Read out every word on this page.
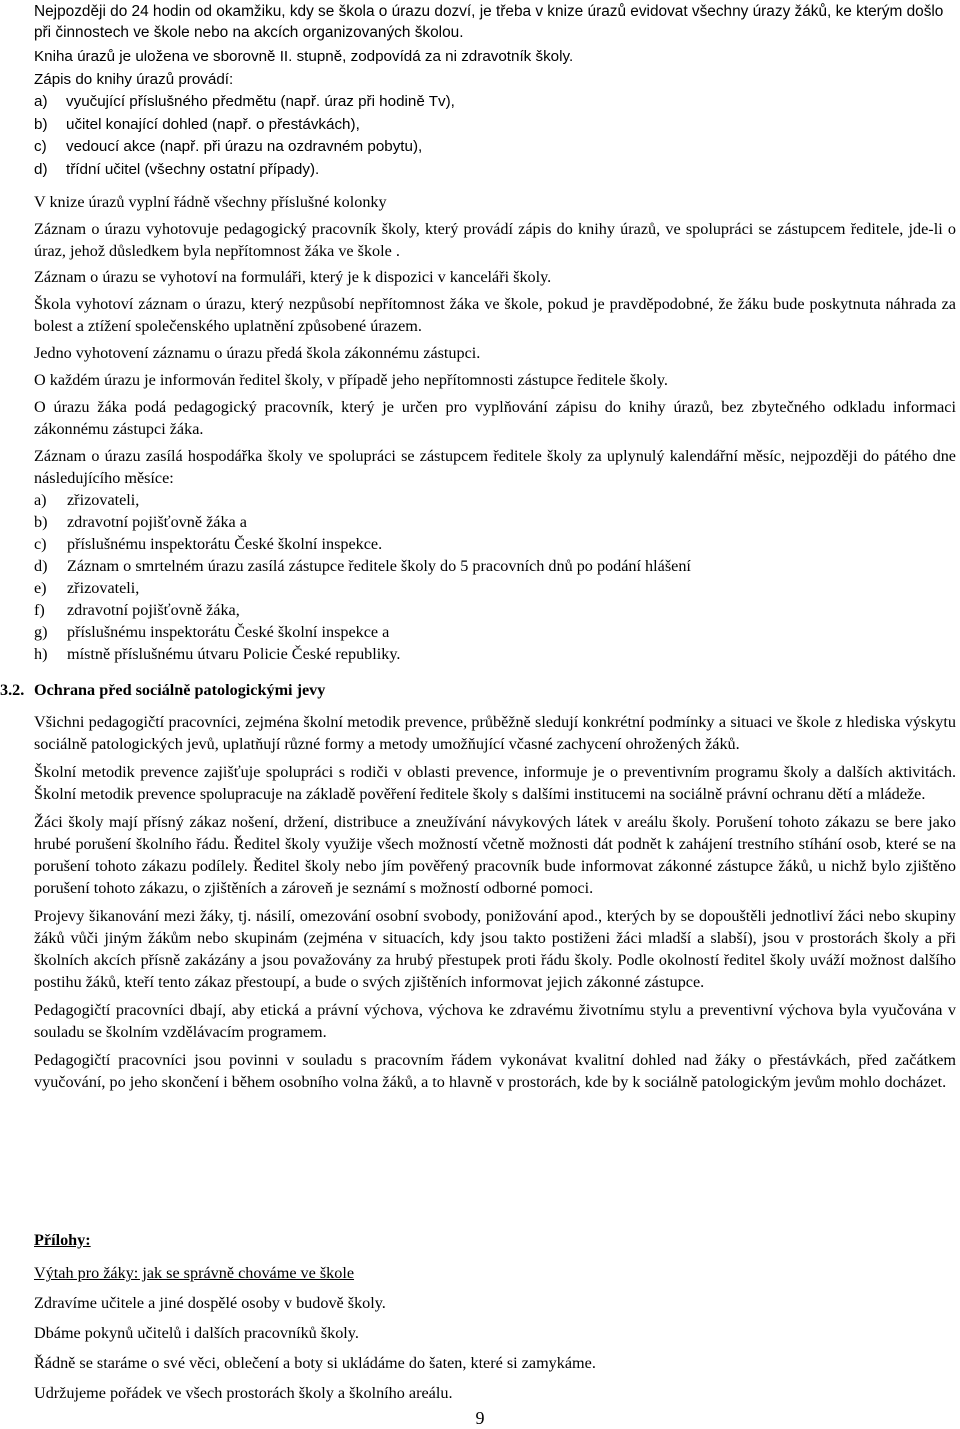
Nejpozději do 24 hodin od okamžiku, kdy se škola o úrazu dozví, je třeba v knize úrazů evidovat všechny úrazy žáků, ke kterým došlo při činnostech ve škole nebo na akcích organizovaných školou.

Kniha úrazů je uložena ve sborovně II. stupně, zodpovídá za ni zdravotník školy.

Zápis do knihy úrazů provádí:

a) vyučující příslušného předmětu (např. úraz při hodině Tv),
b) učitel konající dohled (např. o přestávkách),
c) vedoucí akce (např. při úrazu na ozdravném pobytu),
d) třídní učitel (všechny ostatní případy).

V knize úrazů vyplní řádně všechny příslušné kolonky

Záznam o úrazu vyhotovuje pedagogický pracovník školy, který provádí zápis do knihy úrazů, ve spolupráci se zástupcem ředitele, jde-li o úraz, jehož důsledkem byla nepřítomnost žáka ve škole .

Záznam o úrazu se vyhotoví na formuláři, který je k dispozici v kanceláři školy.

Škola vyhotoví záznam o úrazu, který nezpůsobí nepřítomnost žáka ve škole, pokud je pravděpodobné, že žáku bude poskytnuta náhrada za bolest a ztížení společenského uplatnění způsobené úrazem.

Jedno vyhotovení záznamu o úrazu předá škola zákonnému zástupci.

O každém úrazu je informován ředitel školy, v případě jeho nepřítomnosti zástupce ředitele školy.

O úrazu žáka podá pedagogický pracovník, který je určen pro vyplňování zápisu do knihy úrazů, bez zbytečného odkladu informaci zákonnému zástupci žáka.

Záznam o úrazu zasílá hospodářka školy ve spolupráci se zástupcem ředitele školy za uplynulý kalendářní měsíc, nejpozději do pátého dne následujícího měsíce:

a) zřizovateli,
b) zdravotní pojišťovně žáka a
c) příslušnému inspektorátu České školní inspekce.
d) Záznam o smrtelném úrazu zasílá zástupce ředitele školy do 5 pracovních dnů po podání hlášení
e) zřizovateli,
f) zdravotní pojišťovně žáka,
g) příslušnému inspektorátu České školní inspekce a
h) místně příslušnému útvaru Policie České republiky.
3.2. Ochrana před sociálně patologickými jevy

Všichni pedagogičtí pracovníci, zejména školní metodik prevence, průběžně sledují konkrétní podmínky a situaci ve škole z hlediska výskytu sociálně patologických jevů, uplatňují různé formy a metody umožňující včasné zachycení ohrožených žáků.

Školní metodik prevence zajišťuje spolupráci s rodiči v oblasti prevence, informuje je o preventivním programu školy a dalších aktivitách. Školní metodik prevence spolupracuje na základě pověření ředitele školy s dalšími institucemi na sociálně právní ochranu dětí a mládeže.

Žáci školy mají přísný zákaz nošení, držení, distribuce a zneužívání návykových látek v areálu školy. Porušení tohoto zákazu se bere jako hrubé porušení školního řádu. Ředitel školy využije všech možností včetně možnosti dát podnět k zahájení trestního stíhání osob, které se na porušení tohoto zákazu podílely. Ředitel školy nebo jím pověřený pracovník bude informovat zákonné zástupce žáků, u nichž bylo zjištěno porušení tohoto zákazu, o zjištěních a zároveň je seznámí s možností odborné pomoci.

Projevy šikanování mezi žáky, tj. násilí, omezování osobní svobody, ponižování apod., kterých by se dopouštěli jednotliví žáci nebo skupiny žáků vůči jiným žákům nebo skupinám (zejména v situacích, kdy jsou takto postiženi žáci mladší a slabší), jsou v prostorách školy a při školních akcích přísně zakázány a jsou považovány za hrubý přestupek proti řádu školy. Podle okolností ředitel školy uváží možnost dalšího postihu žáků, kteří tento zákaz přestoupí, a bude o svých zjištěních informovat jejich zákonné zástupce.

Pedagogičtí pracovníci dbají, aby etická a právní výchova, výchova ke zdravému životnímu stylu a preventivní výchova byla vyučována v souladu se školním vzdělávacím programem.

Pedagogičtí pracovníci jsou povinni v souladu s pracovním řádem vykonávat kvalitní dohled nad žáky o přestávkách, před začátkem vyučování, po jeho skončení i během osobního volna žáků, a to hlavně v prostorách, kde by k sociálně patologickým jevům mohlo docházet.

Přílohy:

Výtah pro žáky: jak se správně chováme ve škole

Zdravíme učitele a jiné dospělé osoby v budově školy.

Dbáme pokynů učitelů i dalších pracovníků školy.

Řádně se staráme o své věci, oblečení a boty si ukládáme do šaten, které si zamykáme.

Udržujeme pořádek ve všech prostorách školy a školního areálu.

9
